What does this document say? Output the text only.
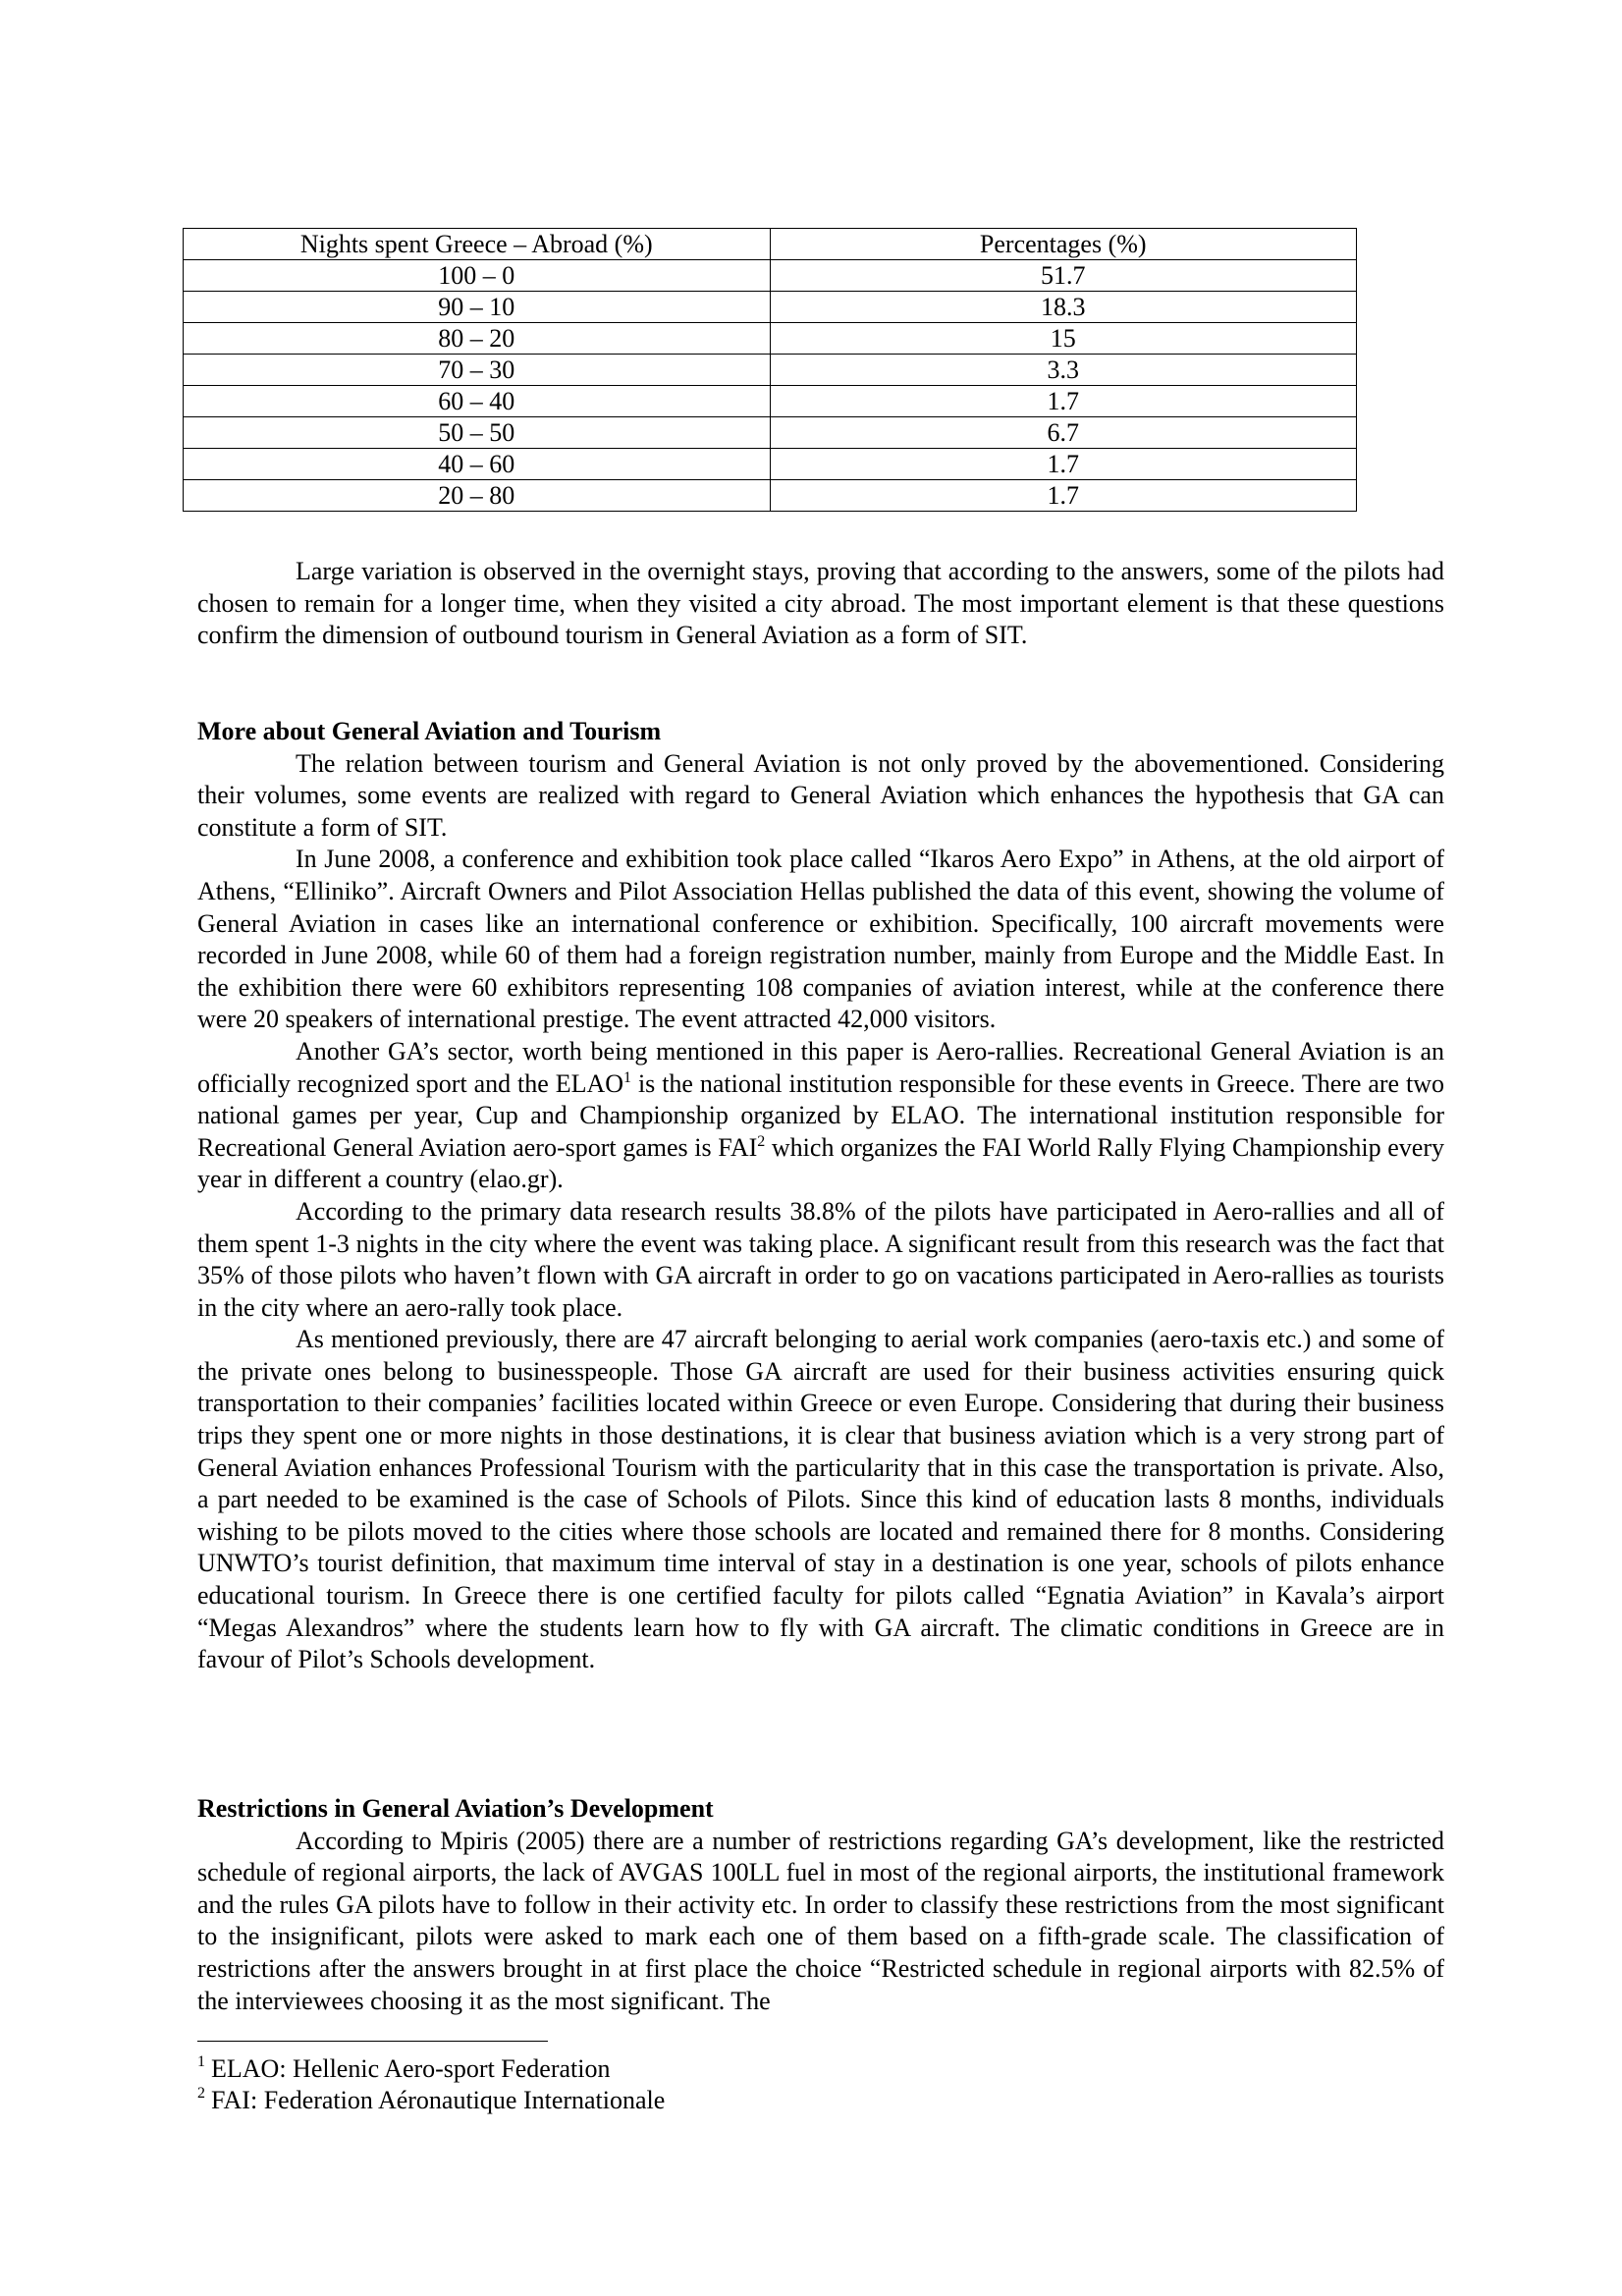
Nights spent Greece – Abroad (%)	Percentages (%)
100 – 0	51.7
90 – 10	18.3
80 – 20	15
70 – 30	3.3
60 – 40	1.7
50 – 50	6.7
40 – 60	1.7
20 – 80	1.7

Large variation is observed in the overnight stays, proving that according to the answers, some of the pilots had chosen to remain for a longer time, when they visited a city abroad. The most important element is that these questions confirm the dimension of outbound tourism in General Aviation as a form of SIT.

More about General Aviation and Tourism

The relation between tourism and General Aviation is not only proved by the abovementioned. Considering their volumes, some events are realized with regard to General Aviation which enhances the hypothesis that GA can constitute a form of SIT.

In June 2008, a conference and exhibition took place called “Ikaros Aero Expo” in Athens, at the old airport of Athens, “Elliniko”. Aircraft Owners and Pilot Association Hellas published the data of this event, showing the volume of General Aviation in cases like an international conference or exhibition. Specifically, 100 aircraft movements were recorded in June 2008, while 60 of them had a foreign registration number, mainly from Europe and the Middle East. In the exhibition there were 60 exhibitors representing 108 companies of aviation interest, while at the conference there were 20 speakers of international prestige. The event attracted 42,000 visitors.

Another GA’s sector, worth being mentioned in this paper is Aero-rallies. Recreational General Aviation is an officially recognized sport and the ELAO$^1$ is the national institution responsible for these events in Greece. There are two national games per year, Cup and Championship organized by ELAO. The international institution responsible for Recreational General Aviation aero-sport games is FAI$^2$ which organizes the FAI World Rally Flying Championship every year in different a country (elao.gr).

According to the primary data research results 38.8% of the pilots have participated in Aero-rallies and all of them spent 1-3 nights in the city where the event was taking place. A significant result from this research was the fact that 35% of those pilots who haven’t flown with GA aircraft in order to go on vacations participated in Aero-rallies as tourists in the city where an aero-rally took place.

As mentioned previously, there are 47 aircraft belonging to aerial work companies (aero-taxis etc.) and some of the private ones belong to businesspeople. Those GA aircraft are used for their business activities ensuring quick transportation to their companies’ facilities located within Greece or even Europe. Considering that during their business trips they spent one or more nights in those destinations, it is clear that business aviation which is a very strong part of General Aviation enhances Professional Tourism with the particularity that in this case the transportation is private. Also, a part needed to be examined is the case of Schools of Pilots. Since this kind of education lasts 8 months, individuals wishing to be pilots moved to the cities where those schools are located and remained there for 8 months. Considering UNWTO’s tourist definition, that maximum time interval of stay in a destination is one year, schools of pilots enhance educational tourism. In Greece there is one certified faculty for pilots called “Egnatia Aviation” in Kavala’s airport “Megas Alexandros” where the students learn how to fly with GA aircraft. The climatic conditions in Greece are in favour of Pilot’s Schools development.

Restrictions in General Aviation’s Development

According to Mpiris (2005) there are a number of restrictions regarding GA’s development, like the restricted schedule of regional airports, the lack of AVGAS 100LL fuel in most of the regional airports, the institutional framework and the rules GA pilots have to follow in their activity etc. In order to classify these restrictions from the most significant to the insignificant, pilots were asked to mark each one of them based on a fifth-grade scale. The classification of restrictions after the answers brought in at first place the choice “Restricted schedule in regional airports with 82.5% of the interviewees choosing it as the most significant. The

$^1$ ELAO: Hellenic Aero-sport Federation
$^2$ FAI: Federation Aéronautique Internationale
